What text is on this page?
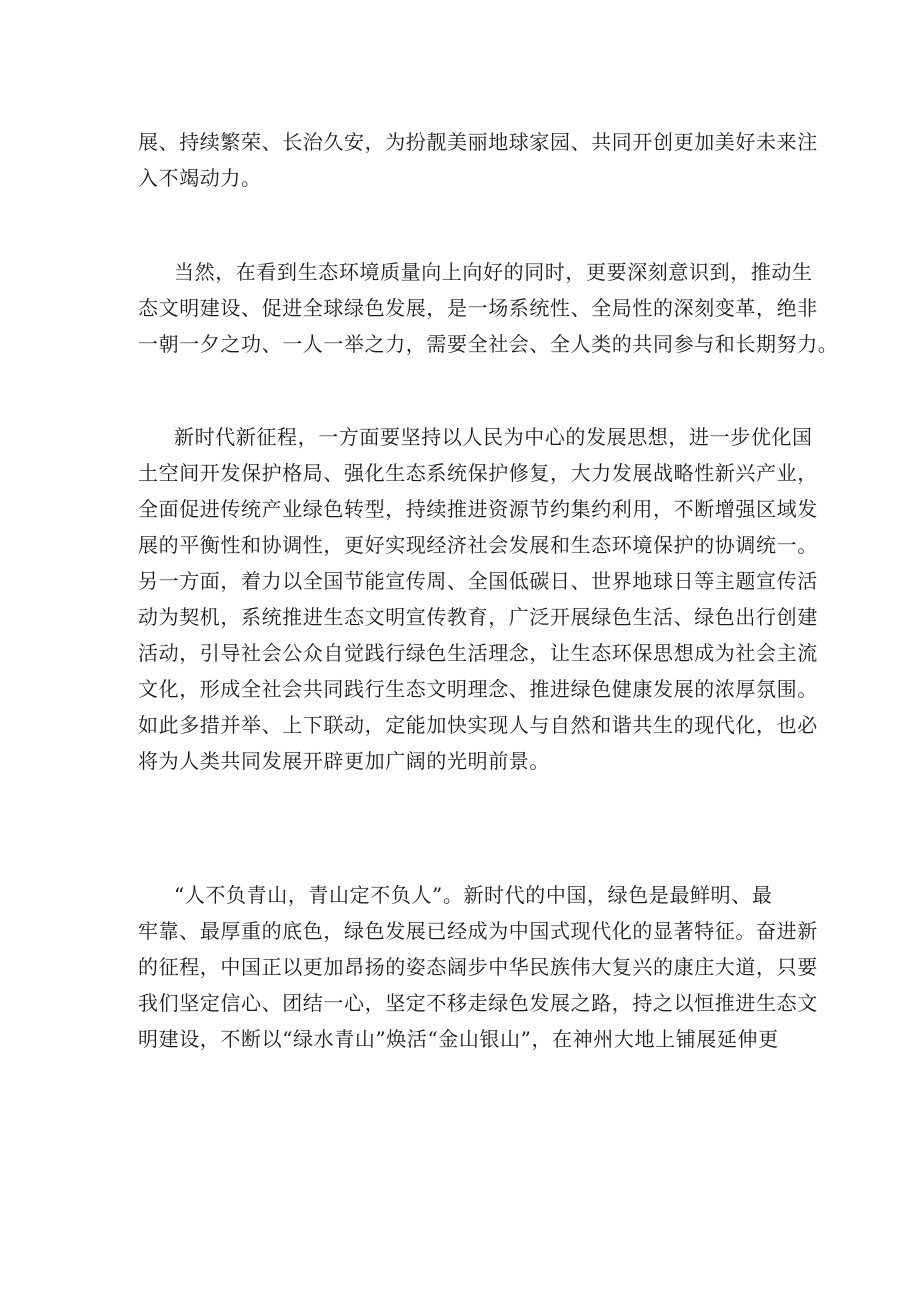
展、持续繁荣、长治久安，为扮靓美丽地球家园、共同开创更加美好未来注
入不竭动力。
当然，在看到生态环境质量向上向好的同时，更要深刻意识到，推动生
态文明建设、促进全球绿色发展，是一场系统性、全局性的深刻变革，绝非
一朝一夕之功、一人一举之力，需要全社会、全人类的共同参与和长期努力。
新时代新征程，一方面要坚持以人民为中心的发展思想，进一步优化国
土空间开发保护格局、强化生态系统保护修复，大力发展战略性新兴产业，
全面促进传统产业绿色转型，持续推进资源节约集约利用，不断增强区域发
展的平衡性和协调性，更好实现经济社会发展和生态环境保护的协调统一。
另一方面，着力以全国节能宣传周、全国低碳日、世界地球日等主题宣传活
动为契机，系统推进生态文明宣传教育，广泛开展绿色生活、绿色出行创建
活动，引导社会公众自觉践行绿色生活理念，让生态环保思想成为社会主流
文化，形成全社会共同践行生态文明理念、推进绿色健康发展的浓厚氛围。
如此多措并举、上下联动，定能加快实现人与自然和谐共生的现代化，也必
将为人类共同发展开辟更加广阔的光明前景。
“人不负青山，青山定不负人”。新时代的中国，绿色是最鲜明、最
牢靠、最厚重的底色，绿色发展已经成为中国式现代化的显著特征。奋进新
的征程，中国正以更加昂扬的姿态阔步中华民族伟大复兴的康庄大道，只要
我们坚定信心、团结一心，坚定不移走绿色发展之路，持之以恒推进生态文
明建设，不断以“绿水青山”焕活“金山银山”，在神州大地上铺展延伸更
